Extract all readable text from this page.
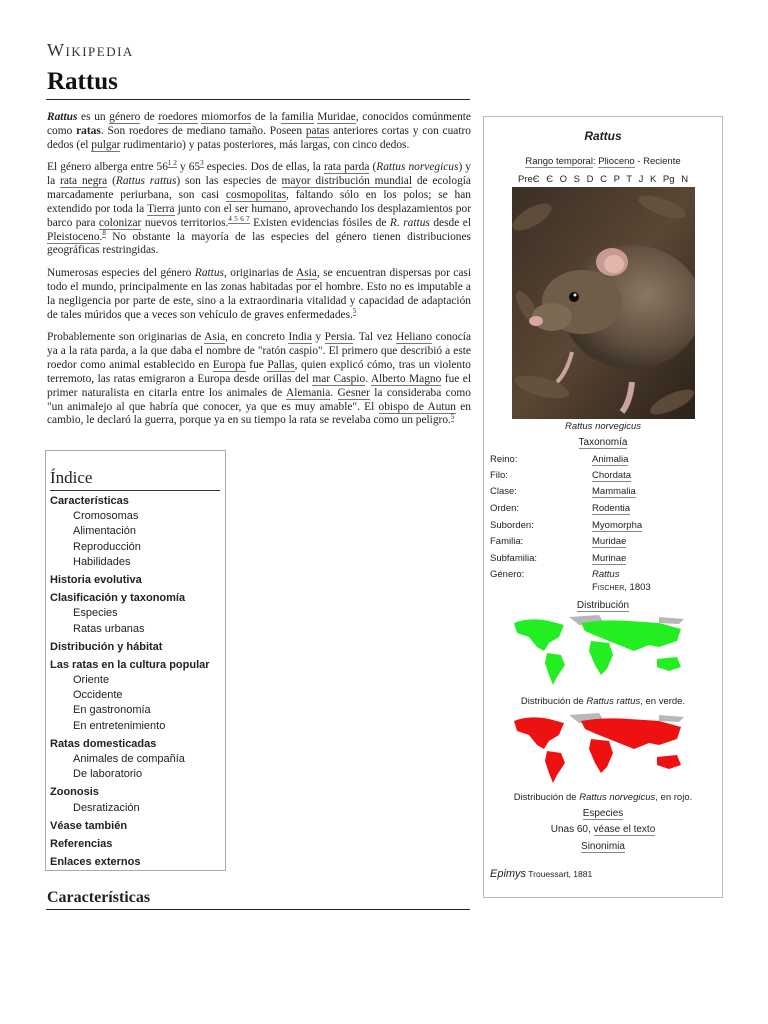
Wikipedia
Rattus

Rattus es un género de roedores miomorfos de la familia Muridae, conocidos comúnmente como ratas. Son roedores de mediano tamaño. Poseen patas anteriores cortas y con cuatro dedos (el pulgar rudimentario) y patas posteriores, más largas, con cinco dedos.

El género alberga entre $56^{1 2}$ y $65^3$ especies. Dos de ellas, la rata parda (Rattus norvegicus) y la rata negra (Rattus rattus) son las especies de mayor distribución mundial de ecología marcadamente periurbana, son casi cosmopolitas, faltando sólo en los polos; se han extendido por toda la Tierra junto con el ser humano, aprovechando los desplazamientos por barco para colonizar nuevos territorios.$^{4 5 6 7}$ Existen evidencias fósiles de R. rattus desde el Pleistoceno.$^8$ No obstante la mayoría de las especies del género tienen distribuciones geográficas restringidas.

Numerosas especies del género Rattus, originarias de Asia, se encuentran dispersas por casi todo el mundo, principalmente en las zonas habitadas por el hombre. Esto no es imputable a la negligencia por parte de este, sino a la extraordinaria vitalidad y capacidad de adaptación de tales múridos que a veces son vehículo de graves enfermedades.$^5$

Probablemente son originarias de Asia, en concreto India y Persia. Tal vez Heliano conocía ya a la rata parda, a la que daba el nombre de "ratón caspio". El primero que describió a este roedor como animal establecido en Europa fue Pallas, quien explicó cómo, tras un violento terremoto, las ratas emigraron a Europa desde orillas del mar Caspio. Alberto Magno fue el primer naturalista en citarla entre los animales de Alemania. Gesner la consideraba como "un animalejo al que habría que conocer, ya que es muy amable". El obispo de Autun en cambio, le declaró la guerra, porque ya en su tiempo la rata se revelaba como un peligro.$^5$

Índice
Características
Cromosomas
Alimentación
Reproducción
Habilidades
Historia evolutiva
Clasificación y taxonomía
Especies
Ratas urbanas
Distribución y hábitat
Las ratas en la cultura popular
Oriente
Occidente
En gastronomía
En entretenimiento
Ratas domesticadas
Animales de compañía
De laboratorio
Zoonosis
Desratización
Véase también
Referencias
Enlaces externos
Características
Rattus
Rango temporal: Plioceno - Reciente
PreЄ Є O S D C P T J K Pg N
Rattus norvegicus
Taxonomía
Reino:	Animalia
Filo:	Chordata
Clase:	Mammalia
Orden:	Rodentia
Suborden:	Myomorpha
Familia:	Muridae
Subfamilia:	Murinae
Género:	Rattus
Fischer, 1803
Distribución
Distribución de Rattus rattus, en verde.
Distribución de Rattus norvegicus, en rojo.
Especies
Unas 60, véase el texto
Sinonimia
Epimys Trouessart, 1881
